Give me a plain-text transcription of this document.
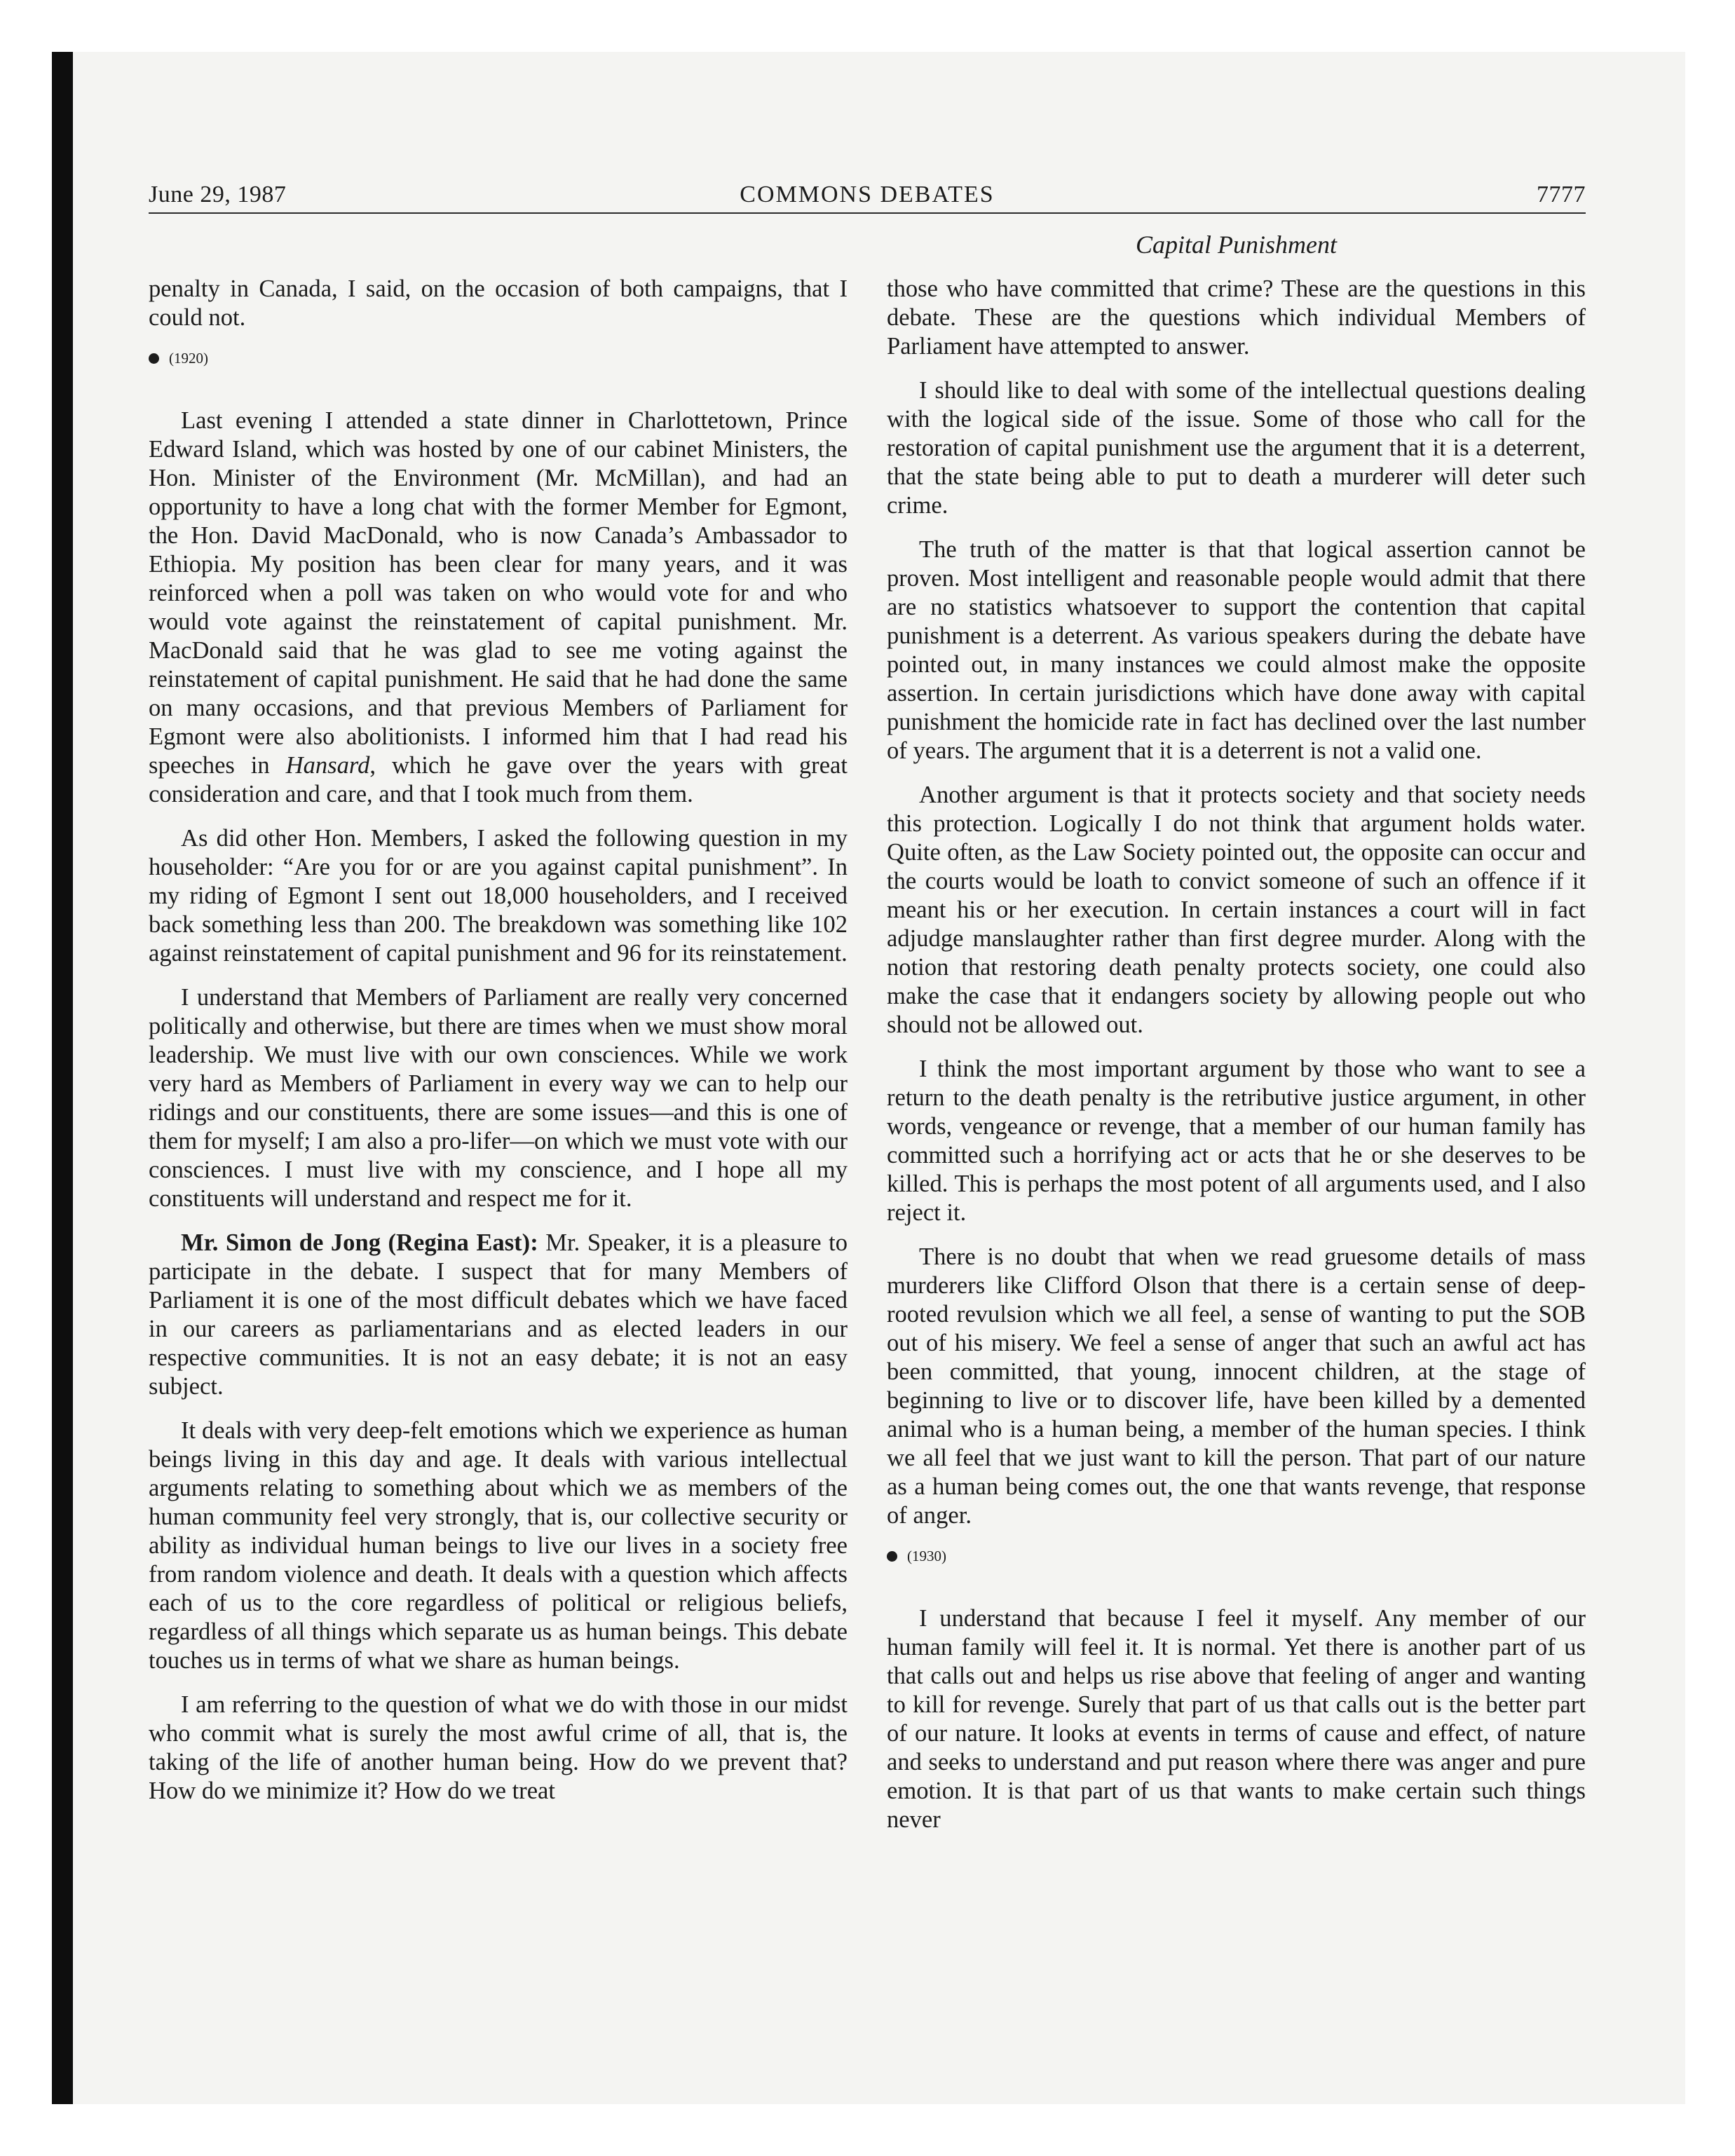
June 29, 1987	COMMONS DEBATES	7777
Capital Punishment

penalty in Canada, I said, on the occasion of both campaigns, that I could not.

(1920)

Last evening I attended a state dinner in Charlottetown, Prince Edward Island, which was hosted by one of our cabinet Ministers, the Hon. Minister of the Environment (Mr. McMillan), and had an opportunity to have a long chat with the former Member for Egmont, the Hon. David MacDonald, who is now Canada’s Ambassador to Ethiopia. My position has been clear for many years, and it was reinforced when a poll was taken on who would vote for and who would vote against the reinstatement of capital punishment. Mr. MacDonald said that he was glad to see me voting against the reinstatement of capital punishment. He said that he had done the same on many occasions, and that previous Members of Parliament for Egmont were also abolitionists. I informed him that I had read his speeches in Hansard, which he gave over the years with great consideration and care, and that I took much from them.

As did other Hon. Members, I asked the following question in my householder: “Are you for or are you against capital punishment”. In my riding of Egmont I sent out 18,000 householders, and I received back something less than 200. The breakdown was something like 102 against reinstatement of capital punishment and 96 for its reinstatement.

I understand that Members of Parliament are really very concerned politically and otherwise, but there are times when we must show moral leadership. We must live with our own consciences. While we work very hard as Members of Parliament in every way we can to help our ridings and our constituents, there are some issues—and this is one of them for myself; I am also a pro-lifer—on which we must vote with our consciences. I must live with my conscience, and I hope all my constituents will understand and respect me for it.

Mr. Simon de Jong (Regina East): Mr. Speaker, it is a pleasure to participate in the debate. I suspect that for many Members of Parliament it is one of the most difficult debates which we have faced in our careers as parliamentarians and as elected leaders in our respective communities. It is not an easy debate; it is not an easy subject.

It deals with very deep-felt emotions which we experience as human beings living in this day and age. It deals with various intellectual arguments relating to something about which we as members of the human community feel very strongly, that is, our collective security or ability as individual human beings to live our lives in a society free from random violence and death. It deals with a question which affects each of us to the core regardless of political or religious beliefs, regardless of all things which separate us as human beings. This debate touches us in terms of what we share as human beings.

I am referring to the question of what we do with those in our midst who commit what is surely the most awful crime of all, that is, the taking of the life of another human being. How do we prevent that? How do we minimize it? How do we treat

those who have committed that crime? These are the questions in this debate. These are the questions which individual Members of Parliament have attempted to answer.

I should like to deal with some of the intellectual questions dealing with the logical side of the issue. Some of those who call for the restoration of capital punishment use the argument that it is a deterrent, that the state being able to put to death a murderer will deter such crime.

The truth of the matter is that that logical assertion cannot be proven. Most intelligent and reasonable people would admit that there are no statistics whatsoever to support the contention that capital punishment is a deterrent. As various speakers during the debate have pointed out, in many instances we could almost make the opposite assertion. In certain jurisdictions which have done away with capital punishment the homicide rate in fact has declined over the last number of years. The argument that it is a deterrent is not a valid one.

Another argument is that it protects society and that society needs this protection. Logically I do not think that argument holds water. Quite often, as the Law Society pointed out, the opposite can occur and the courts would be loath to convict someone of such an offence if it meant his or her execution. In certain instances a court will in fact adjudge manslaughter rather than first degree murder. Along with the notion that restoring death penalty protects society, one could also make the case that it endangers society by allowing people out who should not be allowed out.

I think the most important argument by those who want to see a return to the death penalty is the retributive justice argument, in other words, vengeance or revenge, that a member of our human family has committed such a horrifying act or acts that he or she deserves to be killed. This is perhaps the most potent of all arguments used, and I also reject it.

There is no doubt that when we read gruesome details of mass murderers like Clifford Olson that there is a certain sense of deep-rooted revulsion which we all feel, a sense of wanting to put the SOB out of his misery. We feel a sense of anger that such an awful act has been committed, that young, innocent children, at the stage of beginning to live or to discover life, have been killed by a demented animal who is a human being, a member of the human species. I think we all feel that we just want to kill the person. That part of our nature as a human being comes out, the one that wants revenge, that response of anger.

(1930)

I understand that because I feel it myself. Any member of our human family will feel it. It is normal. Yet there is another part of us that calls out and helps us rise above that feeling of anger and wanting to kill for revenge. Surely that part of us that calls out is the better part of our nature. It looks at events in terms of cause and effect, of nature and seeks to understand and put reason where there was anger and pure emotion. It is that part of us that wants to make certain such things never
